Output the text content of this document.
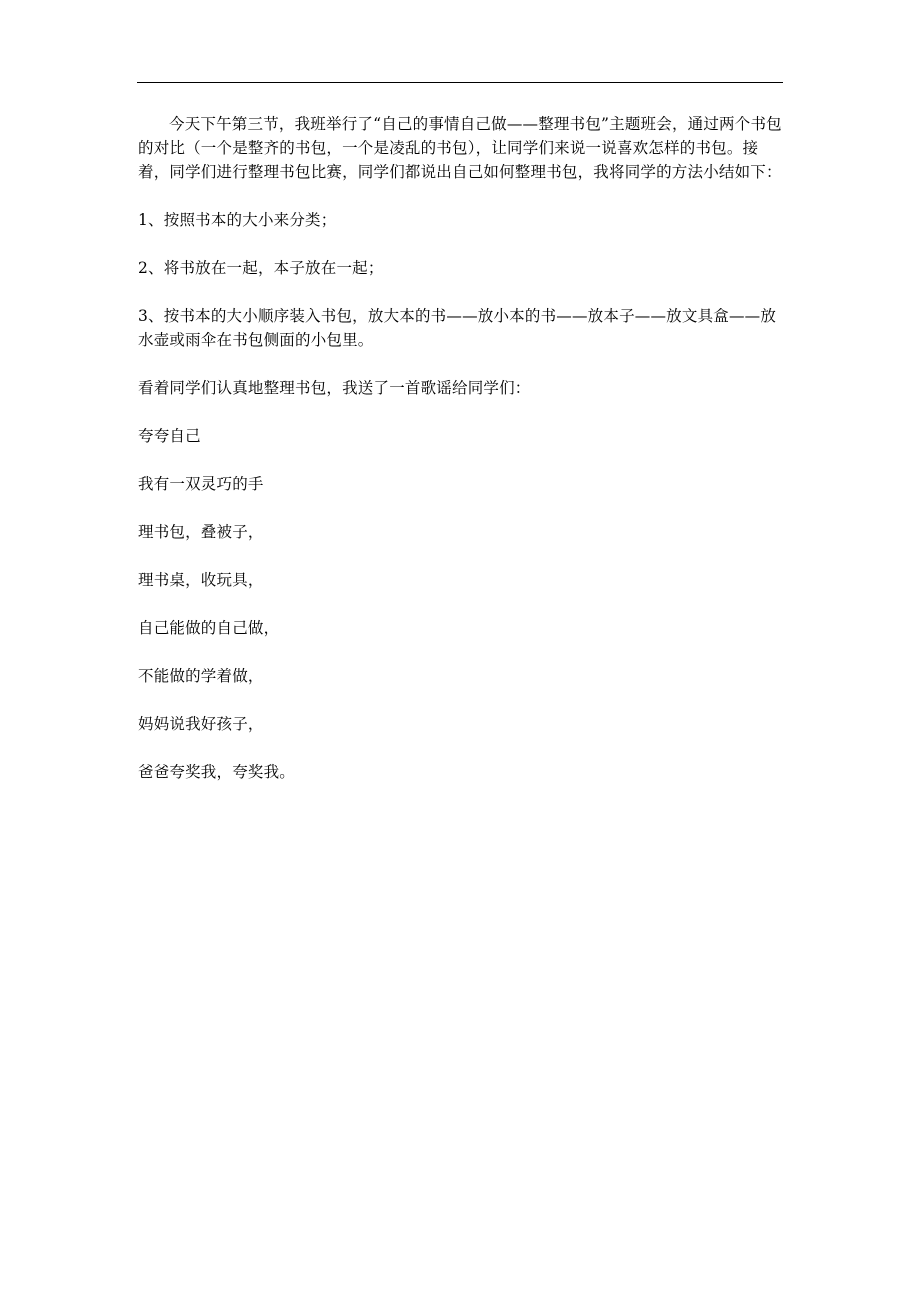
今天下午第三节，我班举行了“自己的事情自己做——整理书包”主题班会，通过两个书包的对比（一个是整齐的书包，一个是凌乱的书包），让同学们来说一说喜欢怎样的书包。接着，同学们进行整理书包比赛，同学们都说出自己如何整理书包，我将同学的方法小结如下：

1、按照书本的大小来分类；

2、将书放在一起，本子放在一起；

3、按书本的大小顺序装入书包，放大本的书——放小本的书——放本子——放文具盒——放水壶或雨伞在书包侧面的小包里。

看着同学们认真地整理书包，我送了一首歌谣给同学们：

夸夸自己

我有一双灵巧的手

理书包，叠被子，

理书桌，收玩具，

自己能做的自己做，

不能做的学着做，

妈妈说我好孩子，

爸爸夸奖我，夸奖我。
